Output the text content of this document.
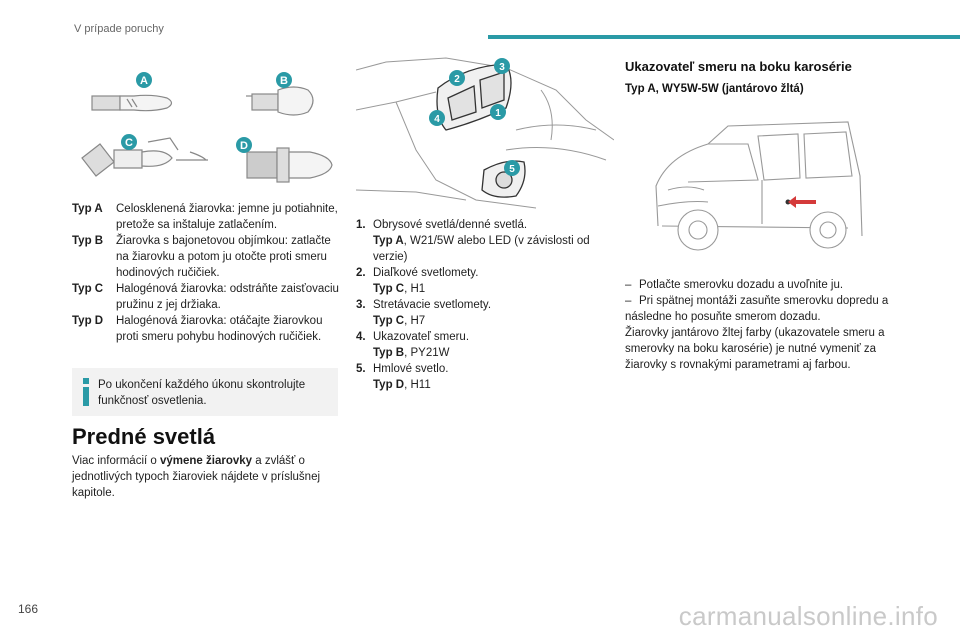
V prípade poruchy
A	B
C	D
Typ A	Celosklenená žiarovka: jemne ju potiahnite, pretože sa inštaluje zatlačením.
Typ B	Žiarovka s bajonetovou objímkou: zatlačte na žiarovku a potom ju otočte proti smeru hodinových ručičiek.
Typ C	Halogénová žiarovka: odstráňte zaisťovaciu pružinu z jej držiaka.
Typ D	Halogénová žiarovka: otáčajte žiarovkou proti smeru pohybu hodinových ručičiek.
Po ukončení každého úkonu skontrolujte funkčnosť osvetlenia.
Predné svetlá
Viac informácií o výmene žiarovky a zvlášť o jednotlivých typoch žiaroviek nájdete v príslušnej kapitole.
1
2
3
4
5
1. Obrysové svetlá/denné svetlá.
Typ A, W21/5W alebo LED (v závislosti od verzie)
2. Diaľkové svetlomety.
Typ C, H1
3. Stretávacie svetlomety.
Typ C, H7
4. Ukazovateľ smeru.
Typ B, PY21W
5. Hmlové svetlo.
Typ D, H11
Ukazovateľ smeru na boku karosérie
Typ A, WY5W-5W (jantárovo žltá)
– Potlačte smerovku dozadu a uvoľnite ju.
– Pri spätnej montáži zasuňte smerovku dopredu a následne ho posuňte smerom dozadu.
Žiarovky jantárovo žltej farby (ukazovatele smeru a smerovky na boku karosérie) je nutné vymeniť za žiarovky s rovnakými parametrami aj farbou.
166	carmanualsonline.info
